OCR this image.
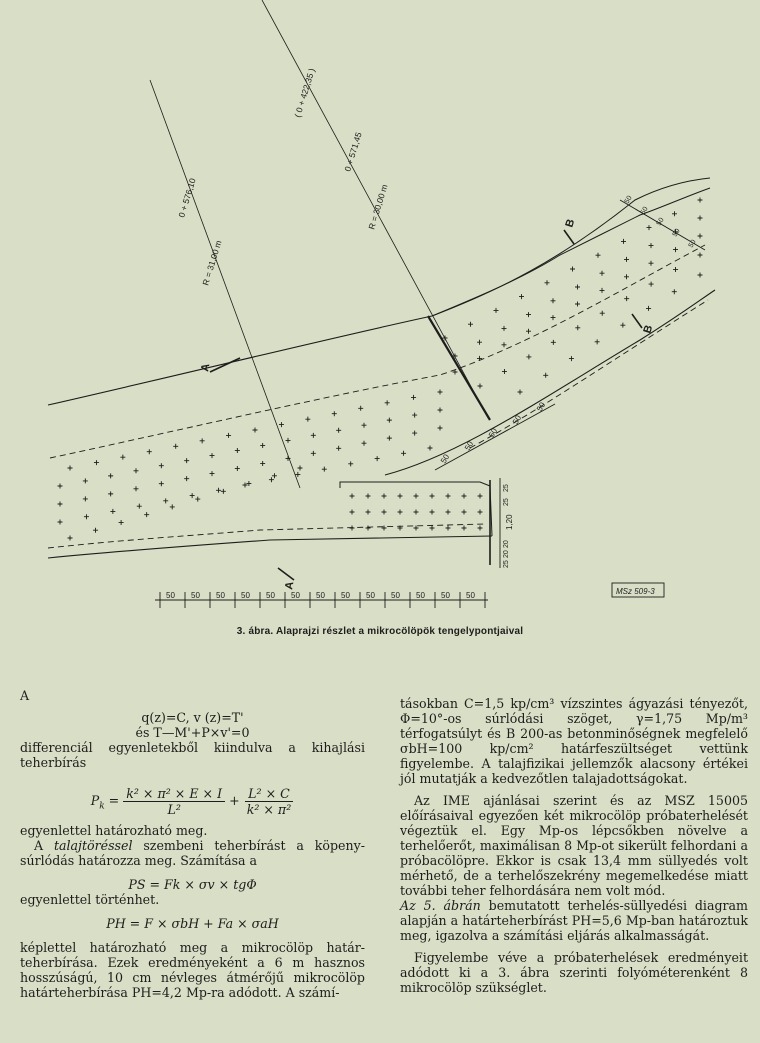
R = 31,00 m
R = 30,00 m
0 + 576,10
0 + 571,45
( 0 + 422,35 )
A
A
B
B
1,20
MSz 509-3
50 50 50 50 50 50 50 50 50 50 50 50 50
25
25
20
20
25
50
50
50
50
50
50
50
50
50
50
3. ábra. Alaprajzi részlet a mikrocölöpök tengelypontjaival

A

q(z)=C, v (z)=T'

és T—M'+P×v'=0

differenciál egyenletekből kiindulva a kihajlási teherbírás

$P_k = \frac{\text{k² × π² × E × I}}{\text{L²}} + \frac{\text{L² × C}}{\text{k² × π²}}$

egyenlettel határozható meg.

A talajtöréssel szembeni teherbírást a köpeny-súrlódás határozza meg. Számítása a

PS = Fk × σv × tgΦ

egyenlettel történhet.

PH = F × σbH + Fa × σaH

képlettel határozható meg a mikrocölöp határ-teherbírása. Ezek eredményeként a 6 m hasznos hosszúságú, 10 cm névleges átmérőjű mikrocölöp határteherbírása PH=4,2 Mp-ra adódott. A számí-

tásokban C=1,5 kp/cm³ vízszintes ágyazási tényezőt, Φ=10°-os súrlódási szöget, γ=1,75 Mp/m³ térfogatsúlyt és B 200-as betonminőségnek megfelelő σbH=100 kp/cm² határfeszültséget vettünk figyelembe. A talajfizikai jellemzők alacsony értékei jól mutatják a kedvezőtlen talajadottságokat.

Az IME ajánlásai szerint és az MSZ 15005 előírásaival egyezően két mikrocölöp próbaterhelését végeztük el. Egy Mp-os lépcsőkben növelve a terhelőerőt, maximálisan 8 Mp-ot sikerült felhordani a próbacölöpre. Ekkor is csak 13,4 mm süllyedés volt mérhető, de a terhelőszekrény megemelkedése miatt további teher felhordására nem volt mód.

Az 5. ábrán bemutatott terhelés-süllyedési diagram alapján a határteherbírást PH=5,6 Mp-ban határoztuk meg, igazolva a számítási eljárás alkalmasságát.

Figyelembe véve a próbaterhelések eredményeit adódott ki a 3. ábra szerinti folyóméterenként 8 mikrocölöp szükséglet.
